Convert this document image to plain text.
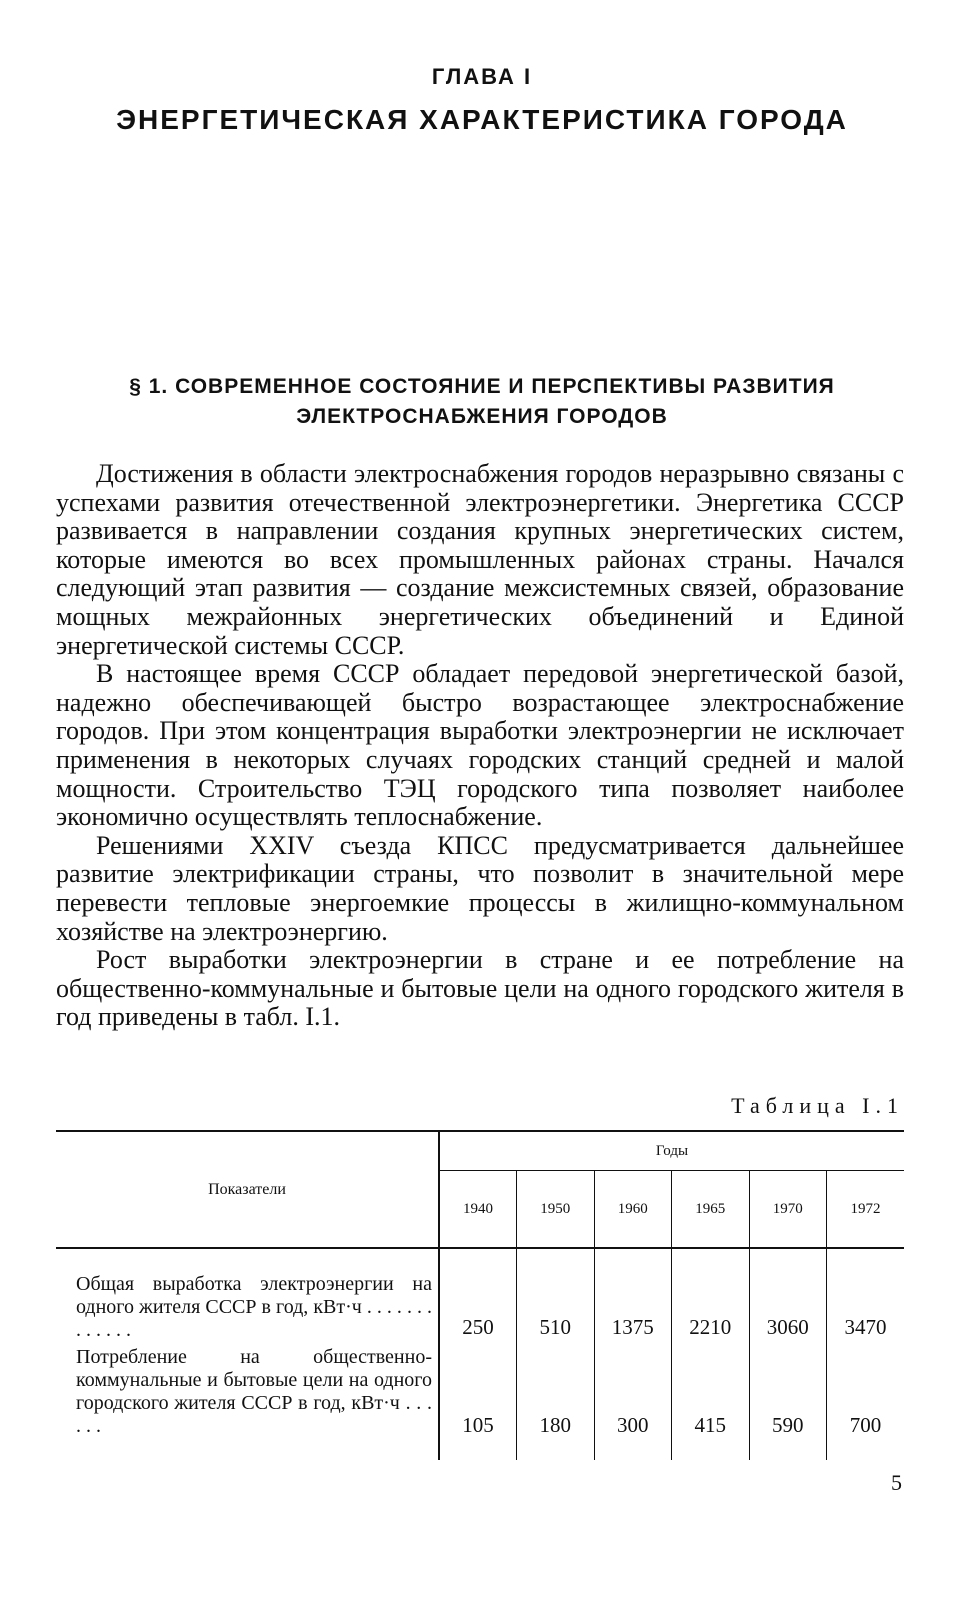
ГЛАВА I
ЭНЕРГЕТИЧЕСКАЯ ХАРАКТЕРИСТИКА ГОРОДА
§ 1. СОВРЕМЕННОЕ СОСТОЯНИЕ И ПЕРСПЕКТИВЫ РАЗВИТИЯ
ЭЛЕКТРОСНАБЖЕНИЯ ГОРОДОВ

Достижения в области электроснабжения городов неразрывно связаны с успехами развития отечественной электроэнергетики. Энергетика СССР развивается в направлении создания крупных энергетических систем, которые имеются во всех промышленных районах страны. Начался следующий этап развития — создание межсистемных связей, образование мощных межрайонных энергетических объединений и Единой энергетической системы СССР.

В настоящее время СССР обладает передовой энергетической базой, надежно обеспечивающей быстро возрастающее электроснабжение городов. При этом концентрация выработки электроэнергии не исключает применения в некоторых случаях городских станций средней и малой мощности. Строительство ТЭЦ городского типа позволяет наиболее экономично осуществлять теплоснабжение.

Решениями XXIV съезда КПСС предусматривается дальнейшее развитие электрификации страны, что позволит в значительной мере перевести тепловые энергоемкие процессы в жилищно-коммунальном хозяйстве на электроэнергию.

Рост выработки электроэнергии в стране и ее потребление на общественно-коммунальные и бытовые цели на одного городского жителя в год приведены в табл. I.1.

Таблица I.1
Показатели	Годы					
	1940	1950	1960	1965	1970	1972
Общая выработка электроэнергии на одного жителя СССР в год, кВт·ч . . . . . . . . . . . . .	250	510	1375	2210	3060	3470
Потребление на общественно-коммунальные и бытовые цели на одного городского жителя СССР в год, кВт·ч . . . . . .	105	180	300	415	590	700
5
